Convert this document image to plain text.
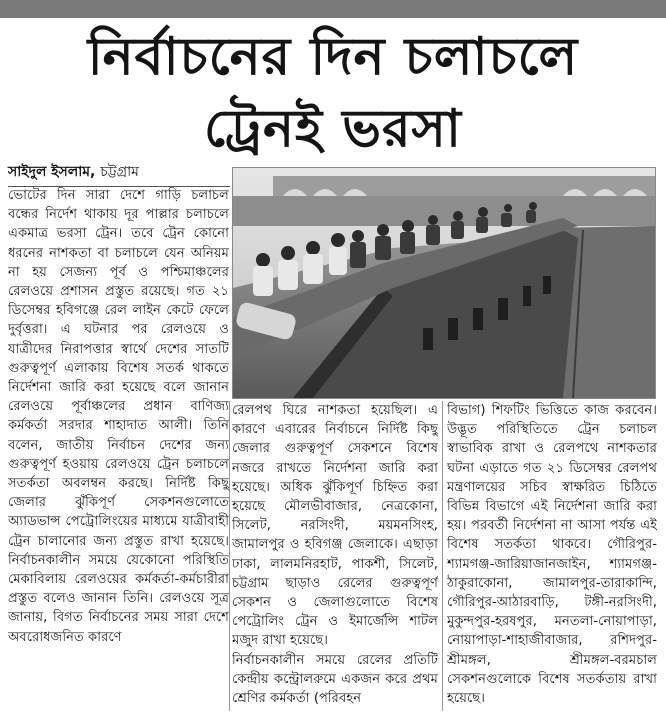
নির্বাচনের দিন চলাচলে
ট্রেনই ভরসা
সাইদুল ইসলাম, চট্টগ্রাম

ভোটের দিন সারা দেশে গাড়ি চলাচল বন্ধের নির্দেশ থাকায় দূর পাল্লার চলাচলে একমাত্র ভরসা ট্রেন। তবে ট্রেন কোনো ধরনের নাশকতা বা চলাচলে যেন অনিয়ম না হয় সেজন্য পূর্ব ও পশ্চিমাঞ্চলের রেলওয়ে প্রশাসন প্রস্তুত রয়েছে। গত ২১ ডিসেম্বর হবিগঞ্জে রেল লাইন কেটে ফেলে দুর্বৃত্তরা। এ ঘটনার পর রেলওয়ে ও যাত্রীদের নিরাপত্তার স্বার্থে দেশের সাতটি গুরুত্বপূর্ণ এলাকায় বিশেষ সতর্ক থাকতে নির্দেশনা জারি করা হয়েছে বলে জানান রেলওয়ে পূর্বাঞ্চলের প্রধান বাণিজ্য কর্মকর্তা সরদার শাহাদাত আলী। তিনি বলেন, জাতীয় নির্বাচন দেশের জন্য গুরুত্বপূর্ণ হওয়ায় রেলওয়ে ট্রেন চলাচলে সতর্কতা অবলম্বন করছে। নির্দিষ্ট কিছু জেলার ঝুঁকিপূর্ণ সেকশনগুলোতে অ্যাডভান্স পেট্রোলিংয়ের মাধ্যমে যাত্রীবাহী ট্রেন চালানোর জন্য প্রস্তুত রাখা হয়েছে। নির্বাচনকালীন সময়ে যেকোনো পরিস্থিতি মেকাবিলায় রেলওয়ের কর্মকর্তা-কর্মচারীরা প্রস্তুত বলেও জানান তিনি। রেলওয়ে সূত্র জানায়, বিগত নির্বাচনের সময় সারা দেশে অবরোধজনিত কারণে

রেলপথ ঘিরে নাশকতা হয়েছিল। এ কারণে এবারের নির্বাচনে নির্দিষ্ট কিছু জেলার গুরুত্বপূর্ণ সেকশনে বিশেষ নজরে রাখতে নির্দেশনা জারি করা হয়েছে। অধিক ঝুঁকিপূর্ণ চিহ্নিত করা হয়েছে মৌলভীবাজার, নেত্রকোনা, সিলেট, নরসিংদী, ময়মনসিংহ, জামালপুর ও হবিগঞ্জ জেলাকে। এছাড়া ঢাকা, লালমনিরহাট, পাকশী, সিলেট, চট্টগ্রাম ছাড়াও রেলের গুরুত্বপূর্ণ সেকশন ও জেলাগুলোতে বিশেষ পেট্রোলিং ট্রেন ও ইমার্জেন্সি শাটল মজুদ রাখা হয়েছে।

নির্বাচনকালীন সময়ে রেলের প্রতিটি কেন্দ্রীয় কন্ট্রোলরুমে একজন করে প্রথম শ্রেণির কর্মকর্তা (পরিবহন

বিভাগ) শিফটিং ভিত্তিতে কাজ করবেন। উদ্ভূত পরিস্থিতিতে ট্রেন চলাচল স্বাভাবিক রাখা ও রেলপথে নাশকতার ঘটনা এড়াতে গত ২১ ডিসেম্বর রেলপথ মন্ত্রণালয়ের সচিব স্বাক্ষরিত চিঠিতে বিভিন্ন বিভাগে এই নির্দেশনা জারি করা হয়। পরবর্তী নির্দেশনা না আসা পর্যন্ত এই বিশেষ সতর্কতা থাকবে। গৌরিপুর-শ্যামগঞ্জ-জারিয়াজানজাইন, শ্যামগঞ্জ-ঠাকুরাকোনা, জামালপুর-তারাকান্দি, গৌরিপুর-আঠারবাড়ি, টঙ্গী-নরসিংদী, মুকুন্দপুর-হরষপুর, মনতলা-নোয়াপাড়া, নোয়াপাড়া-শাহাজীবাজার, রশিদপুর-শ্রীমঙ্গল, শ্রীমঙ্গল-বরমচাল সেকশনগুলোকে বিশেষ সতর্কতায় রাখা হয়েছে।
